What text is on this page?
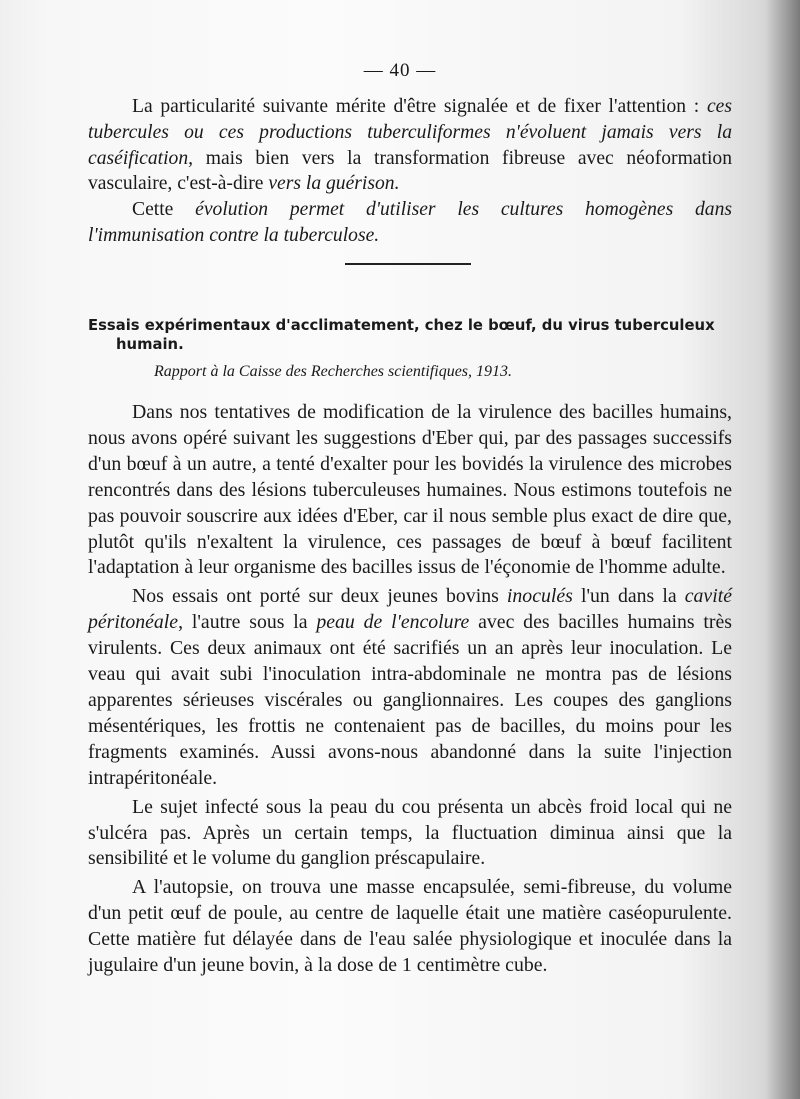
— 40 —

La particularité suivante mérite d'être signalée et de fixer l'attention : ces tubercules ou ces productions tuberculiformes n'évoluent jamais vers la caséification, mais bien vers la transformation fibreuse avec néoformation vasculaire, c'est-à-dire vers la guérison.

Cette évolution permet d'utiliser les cultures homogènes dans l'immunisation contre la tuberculose.

Essais expérimentaux d'acclimatement, chez le bœuf, du virus tuberculeux
humain.
Rapport à la Caisse des Recherches scientifiques, 1913.

Dans nos tentatives de modification de la virulence des bacilles humains, nous avons opéré suivant les suggestions d'Eber qui, par des passages successifs d'un bœuf à un autre, a tenté d'exalter pour les bovidés la virulence des microbes rencontrés dans des lésions tuberculeuses humaines. Nous estimons toutefois ne pas pouvoir souscrire aux idées d'Eber, car il nous semble plus exact de dire que, plutôt qu'ils n'exaltent la virulence, ces passages de bœuf à bœuf facilitent l'adaptation à leur organisme des bacilles issus de l'éçonomie de l'homme adulte.

Nos essais ont porté sur deux jeunes bovins inoculés l'un dans la cavité péritonéale, l'autre sous la peau de l'encolure avec des bacilles humains très virulents. Ces deux animaux ont été sacrifiés un an après leur inoculation. Le veau qui avait subi l'inoculation intra-abdominale ne montra pas de lésions apparentes sérieuses viscérales ou ganglionnaires. Les coupes des ganglions mésentériques, les frottis ne contenaient pas de bacilles, du moins pour les fragments examinés. Aussi avons-nous abandonné dans la suite l'injection intrapéritonéale.

Le sujet infecté sous la peau du cou présenta un abcès froid local qui ne s'ulcéra pas. Après un certain temps, la fluctuation diminua ainsi que la sensibilité et le volume du ganglion préscapulaire.

A l'autopsie, on trouva une masse encapsulée, semi-fibreuse, du volume d'un petit œuf de poule, au centre de laquelle était une matière caséopurulente. Cette matière fut délayée dans de l'eau salée physiologique et inoculée dans la jugulaire d'un jeune bovin, à la dose de 1 centimètre cube.
